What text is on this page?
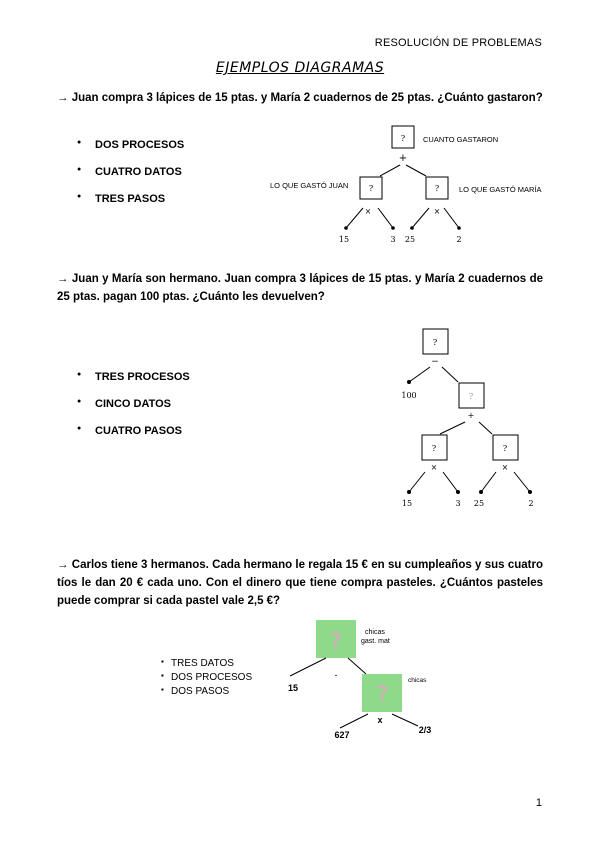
RESOLUCIÓN DE PROBLEMAS
EJEMPLOS DIAGRAMAS
→ Juan compra 3 lápices de 15 ptas. y María 2 cuadernos de 25 ptas. ¿Cuánto gastaron?
● DOS PROCESOS
● CUATRO DATOS
● TRES PASOS
?
+
CUANTO GASTARON
?
×
LO QUE GASTÓ JUAN	?
×
LO QUE GASTÓ MARÍA
15	3 25	2
→ Juan y María son hermano. Juan compra 3 lápices de 15 ptas. y María 2 cuadernos de 25 ptas. pagan 100 ptas. ¿Cuánto les devuelven?
● TRES PROCESOS
● CINCO DATOS
● CUATRO PASOS
?
−
100	?
+
?
×
?
×
15	3 25	2
→ Carlos tiene 3 hermanos. Cada hermano le regala 15 € en su cumpleaños y sus cuatro tíos le dan 20 € cada uno. Con el dinero que tiene compra pasteles. ¿Cuántos pasteles puede comprar si cada pastel vale 2,5 €?
▪ TRES DATOS
▪ DOS PROCESOS
▪ DOS PASOS
?	chicas
gast. mat
-
15	?
chicas
x
627	2/3
1
